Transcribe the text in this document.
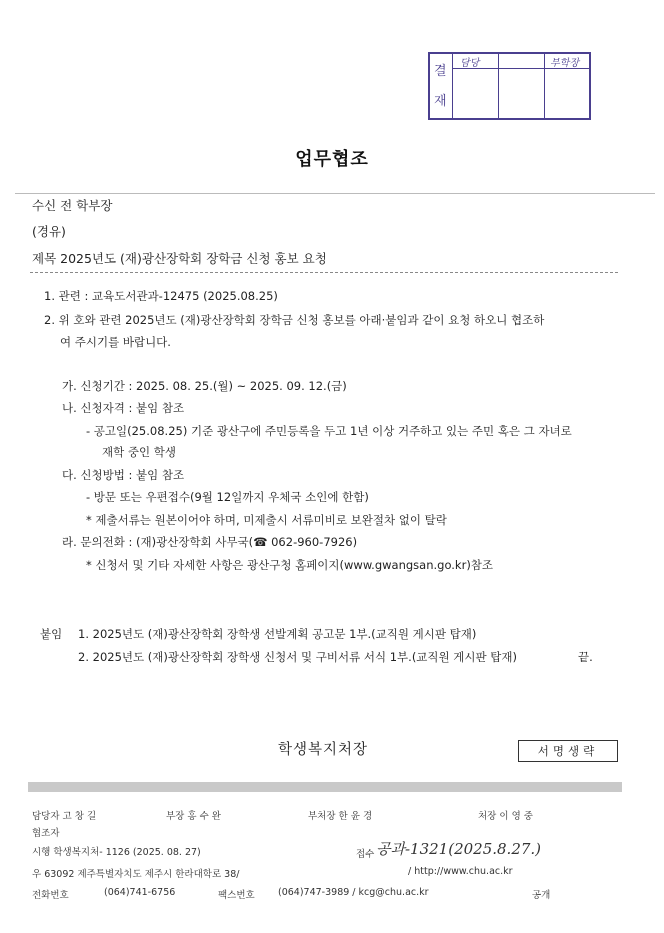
결
재
담당	부학장
업무협조
수신 전 학부장
(경유)
제목 2025년도 (재)광산장학회 장학금 신청 홍보 요청
1. 관련 : 교육도서관과-12475 (2025.08.25)
2. 위 호와 관련 2025년도 (재)광산장학회 장학금 신청 홍보를 아래·붙임과 같이 요청 하오니 협조하
여 주시기를 바랍니다.
가. 신청기간 : 2025. 08. 25.(월) ~ 2025. 09. 12.(금)
나. 신청자격 : 붙임 참조
- 공고일(25.08.25) 기준 광산구에 주민등록을 두고 1년 이상 거주하고 있는 주민 혹은 그 자녀로
재학 중인 학생
다. 신청방법 : 붙임 참조
- 방문 또는 우편접수(9월 12일까지 우체국 소인에 한함)
* 제출서류는 원본이어야 하며, 미제출시 서류미비로 보완절차 없이 탈락
라. 문의전화 : (재)광산장학회 사무국(☎ 062-960-7926)
* 신청서 및 기타 자세한 사항은 광산구청 홈페이지(www.gwangsan.go.kr)참조
붙임 1. 2025년도 (재)광산장학회 장학생 선발계획 공고문 1부.(교직원 게시판 탑재)
2. 2025년도 (재)광산장학회 장학생 신청서 및 구비서류 서식 1부.(교직원 게시판 탑재)	끝.
학생복지처장	서명생략
담당자 고 창 길	부장 홍 수 완	부처장 한 윤 경	처장 이 영 중
협조자
시행 학생복지처- 1126 (2025. 08. 27)	접수 공과-1321(2025.8.27.)
우 63092 제주특별자치도 제주시 한라대학로 38/	/ http://www.chu.ac.kr
전화번호	(064)741-6756	팩스번호 (064)747-3989 / kcg@chu.ac.kr	공개
